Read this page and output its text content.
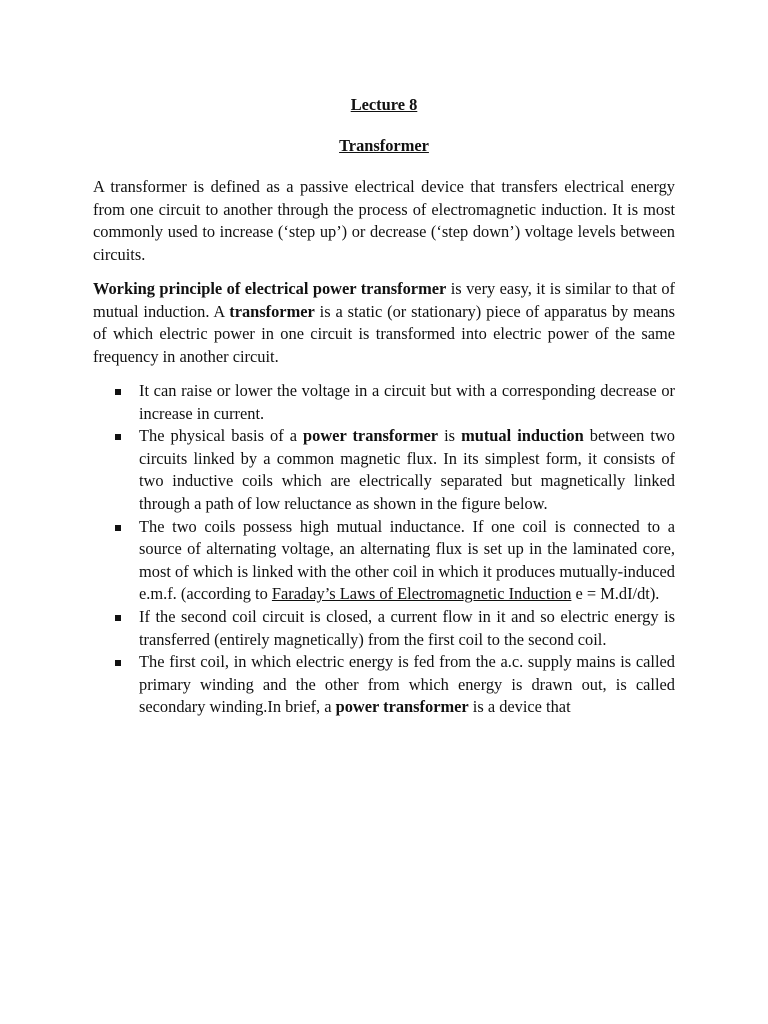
Lecture 8
Transformer

A transformer is defined as a passive electrical device that transfers electrical energy from one circuit to another through the process of electromagnetic induction. It is most commonly used to increase (‘step up’) or decrease (‘step down’) voltage levels between circuits.

Working principle of electrical power transformer is very easy, it is similar to that of mutual induction. A transformer is a static (or stationary) piece of apparatus by means of which electric power in one circuit is transformed into electric power of the same frequency in another circuit.

It can raise or lower the voltage in a circuit but with a corresponding decrease or increase in current.
The physical basis of a power transformer is mutual induction between two circuits linked by a common magnetic flux. In its simplest form, it consists of two inductive coils which are electrically separated but magnetically linked through a path of low reluctance as shown in the figure below.
The two coils possess high mutual inductance. If one coil is connected to a source of alternating voltage, an alternating flux is set up in the laminated core, most of which is linked with the other coil in which it produces mutually-induced e.m.f. (according to Faraday’s Laws of Electromagnetic Induction e = M.dI/dt).
If the second coil circuit is closed, a current flow in it and so electric energy is transferred (entirely magnetically) from the first coil to the second coil.
The first coil, in which electric energy is fed from the a.c. supply mains is called primary winding and the other from which energy is drawn out, is called secondary winding.In brief, a power transformer is a device that
